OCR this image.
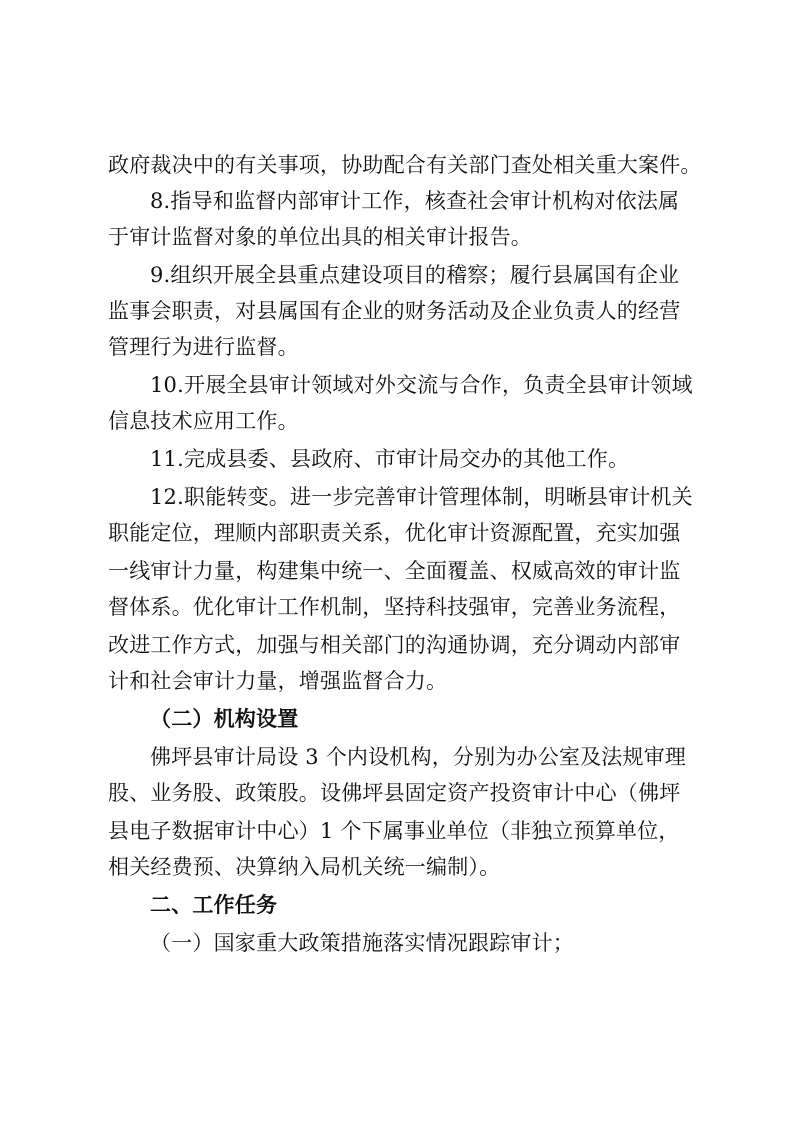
政府裁决中的有关事项，协助配合有关部门查处相关重大案件。
8.指导和监督内部审计工作，核查社会审计机构对依法属
于审计监督对象的单位出具的相关审计报告。
9.组织开展全县重点建设项目的稽察；履行县属国有企业
监事会职责，对县属国有企业的财务活动及企业负责人的经营
管理行为进行监督。
10.开展全县审计领域对外交流与合作，负责全县审计领域
信息技术应用工作。
11.完成县委、县政府、市审计局交办的其他工作。
12.职能转变。进一步完善审计管理体制，明晰县审计机关
职能定位，理顺内部职责关系，优化审计资源配置，充实加强
一线审计力量，构建集中统一、全面覆盖、权威高效的审计监
督体系。优化审计工作机制，坚持科技强审，完善业务流程，
改进工作方式，加强与相关部门的沟通协调，充分调动内部审
计和社会审计力量，增强监督合力。
（二）机构设置
佛坪县审计局设 3 个内设机构，分别为办公室及法规审理
股、业务股、政策股。设佛坪县固定资产投资审计中心（佛坪
县电子数据审计中心）1 个下属事业单位（非独立预算单位，
相关经费预、决算纳入局机关统一编制）。
二、工作任务
（一）国家重大政策措施落实情况跟踪审计；
